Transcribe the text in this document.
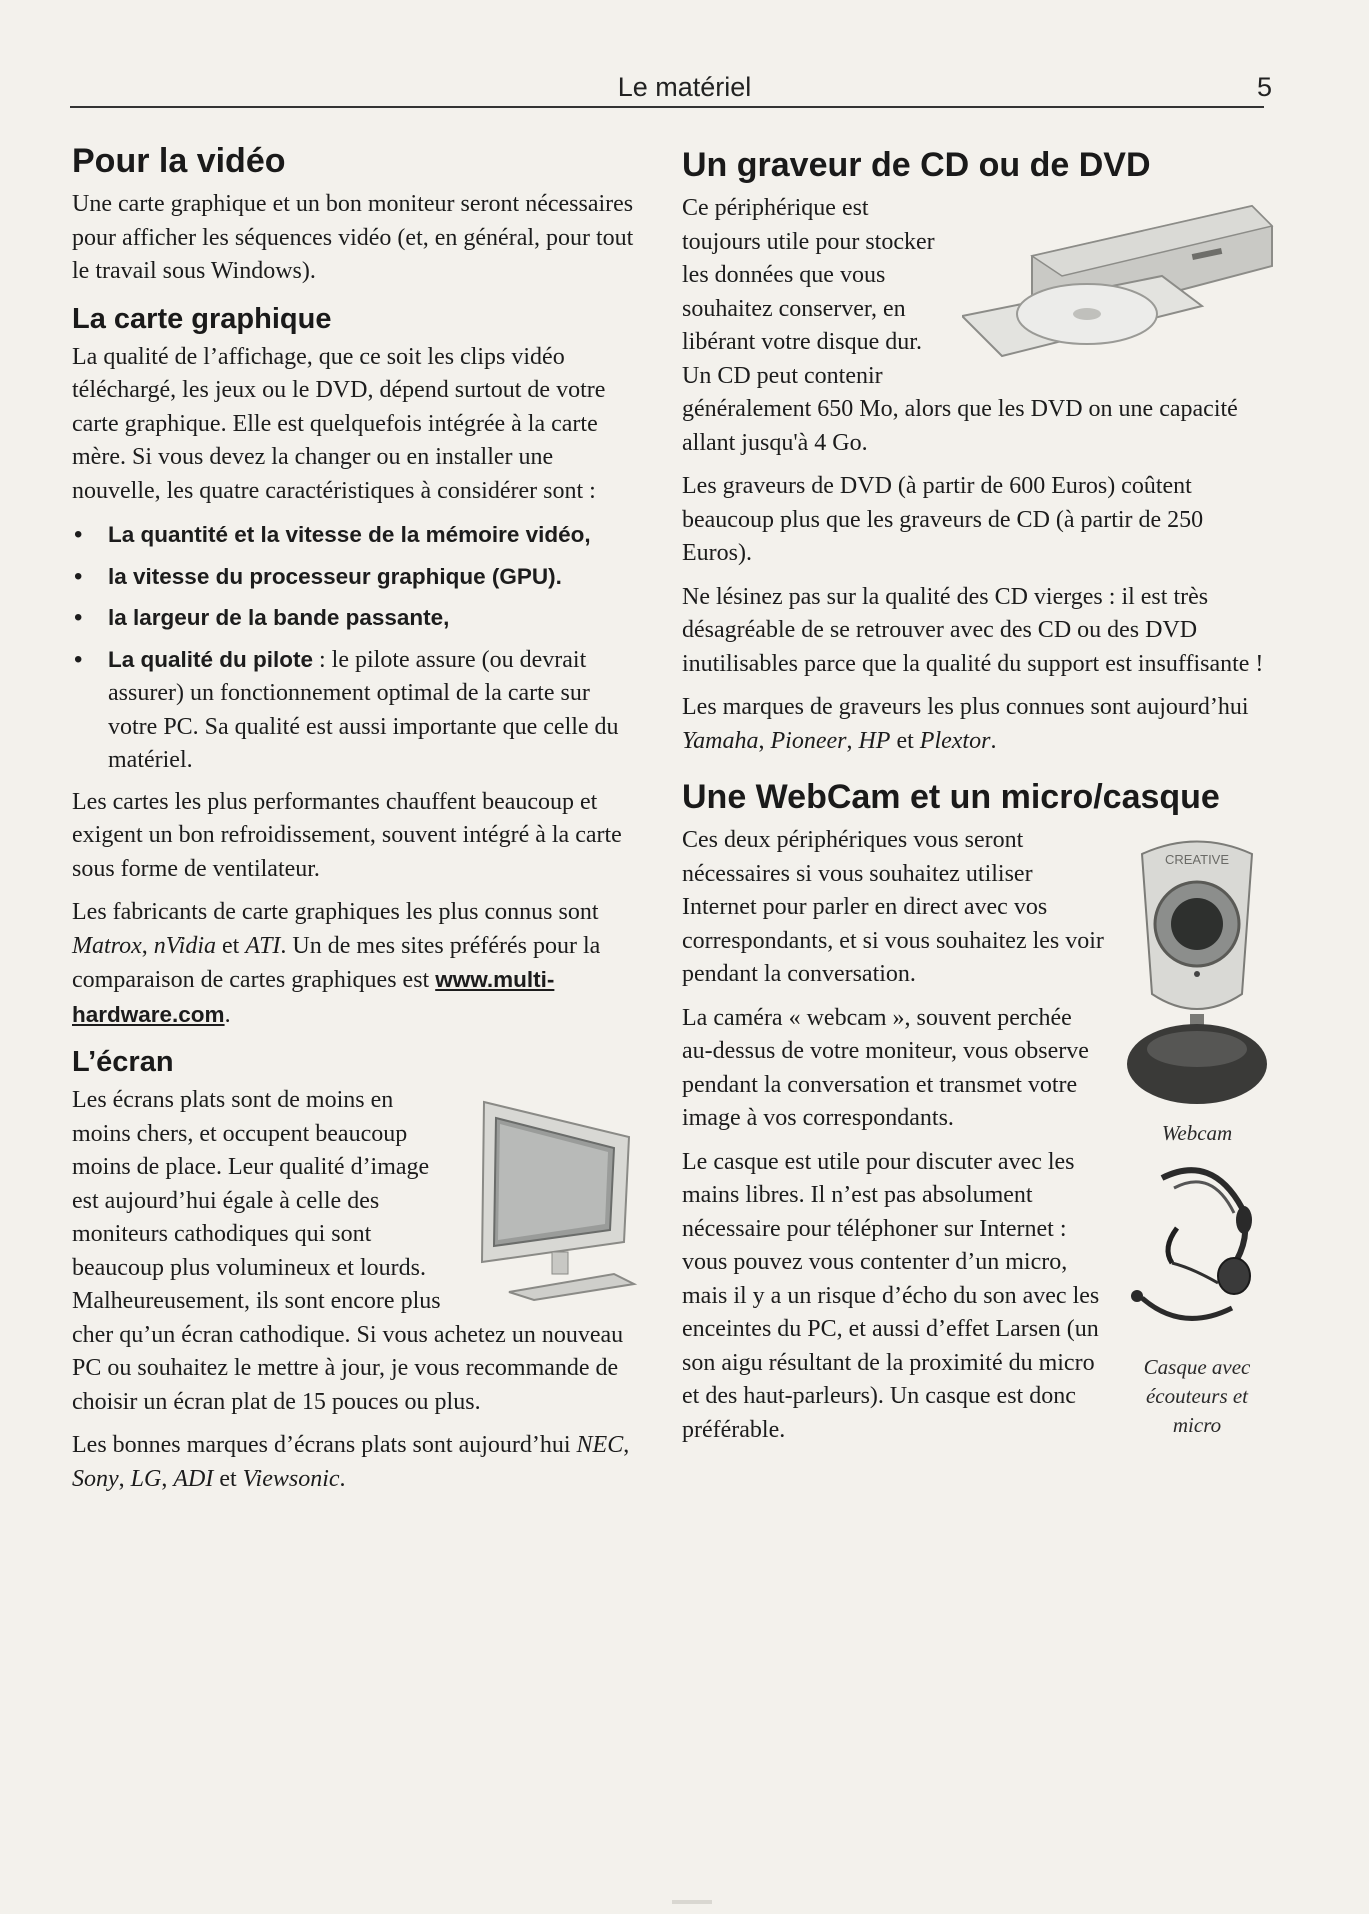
Le matériel	5
Pour la vidéo

Une carte graphique et un bon moniteur seront nécessaires pour afficher les séquences vidéo (et, en général, pour tout le travail sous Windows).

La carte graphique

La qualité de l’affichage, que ce soit les clips vidéo téléchargé, les jeux ou le DVD, dépend surtout de votre carte graphique. Elle est quelquefois intégrée à la carte mère. Si vous devez la changer ou en installer une nouvelle, les quatre caractéristiques à considérer sont :

• La quantité et la vitesse de la mémoire vidéo,
• la vitesse du processeur graphique (GPU).
• la largeur de la bande passante,
• La qualité du pilote : le pilote assure (ou devrait assurer) un fonctionnement optimal de la carte sur votre PC. Sa qualité est aussi importante que celle du matériel.

Les cartes les plus performantes chauffent beaucoup et exigent un bon refroidissement, souvent intégré à la carte sous forme de ventilateur.

Les fabricants de carte graphiques les plus connus sont Matrox, nVidia et ATI. Un de mes sites préférés pour la comparaison de cartes graphiques est www.multi-hardware.com.

L’écran

Les écrans plats sont de moins en moins chers, et occupent beaucoup moins de place. Leur qualité d’image est aujourd’hui égale à celle des moniteurs cathodiques qui sont beaucoup plus volumineux et lourds. Malheureusement, ils sont encore plus cher qu’un écran cathodique. Si vous achetez un nouveau PC ou souhaitez le mettre à jour, je vous recommande de choisir un écran plat de 15 pouces ou plus.

Les bonnes marques d’écrans plats sont aujourd’hui NEC, Sony, LG, ADI et Viewsonic.

Un graveur de CD ou de DVD

Ce périphérique est toujours utile pour stocker les données que vous souhaitez conserver, en libérant votre disque dur. Un CD peut contenir généralement 650 Mo, alors que les DVD on une capacité allant jusqu'à 4 Go.

Les graveurs de DVD (à partir de 600 Euros) coûtent beaucoup plus que les graveurs de CD (à partir de 250 Euros).

Ne lésinez pas sur la qualité des CD vierges : il est très désagréable de se retrouver avec des CD ou des DVD inutilisables parce que la qualité du support est insuffisante !

Les marques de graveurs les plus connues sont aujourd’hui Yamaha, Pioneer, HP et Plextor.

Une WebCam et un micro/casque
CREATIVE
Webcam
Casque avec écouteurs et micro

Ces deux périphériques vous seront nécessaires si vous souhaitez utiliser Internet pour parler en direct avec vos correspondants, et si vous souhaitez les voir pendant la conversation.

La caméra « webcam », souvent perchée au-dessus de votre moniteur, vous observe pendant la conversation et transmet votre image à vos correspondants.

Le casque est utile pour discuter avec les mains libres. Il n’est pas absolument nécessaire pour téléphoner sur Internet : vous pouvez vous contenter d’un micro, mais il y a un risque d’écho du son avec les enceintes du PC, et aussi d’effet Larsen (un son aigu résultant de la proximité du micro et des haut-parleurs). Un casque est donc préférable.
